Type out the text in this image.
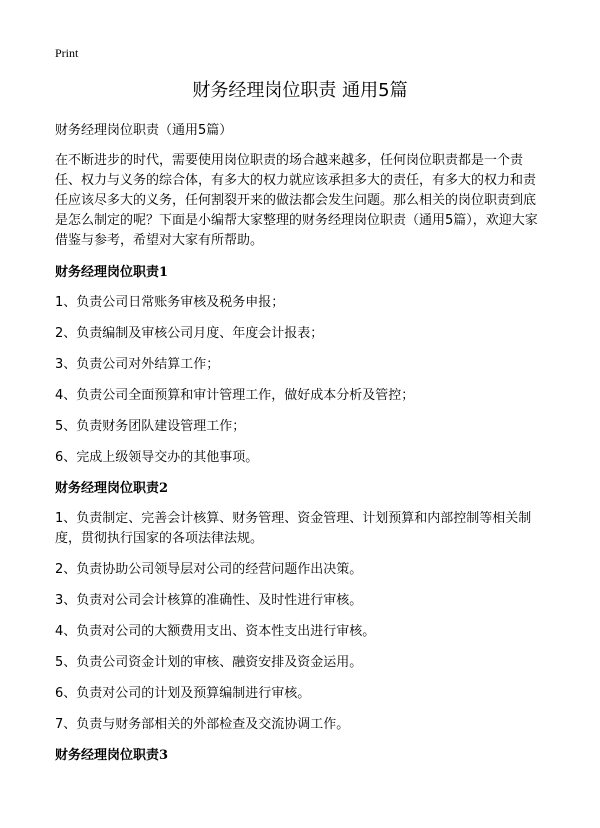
Print
财务经理岗位职责 通用5篇

财务经理岗位职责（通用5篇）

在不断进步的时代，需要使用岗位职责的场合越来越多，任何岗位职责都是一个责任、权力与义务的综合体，有多大的权力就应该承担多大的责任，有多大的权力和责任应该尽多大的义务，任何割裂开来的做法都会发生问题。那么相关的岗位职责到底是怎么制定的呢？下面是小编帮大家整理的财务经理岗位职责（通用5篇），欢迎大家借鉴与参考，希望对大家有所帮助。

财务经理岗位职责1

1、负责公司日常账务审核及税务申报；

2、负责编制及审核公司月度、年度会计报表；

3、负责公司对外结算工作；

4、负责公司全面预算和审计管理工作，做好成本分析及管控；

5、负责财务团队建设管理工作；

6、完成上级领导交办的其他事项。

财务经理岗位职责2

1、负责制定、完善会计核算、财务管理、资金管理、计划预算和内部控制等相关制度，贯彻执行国家的各项法律法规。

2、负责协助公司领导层对公司的经营问题作出决策。

3、负责对公司会计核算的准确性、及时性进行审核。

4、负责对公司的大额费用支出、资本性支出进行审核。

5、负责公司资金计划的审核、融资安排及资金运用。

6、负责对公司的计划及预算编制进行审核。

7、负责与财务部相关的外部检查及交流协调工作。

财务经理岗位职责3
